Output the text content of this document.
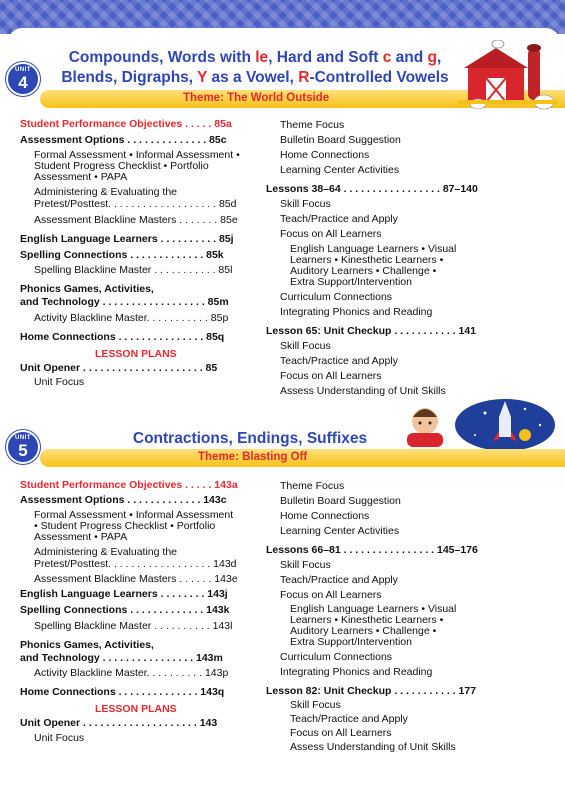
UNIT
4
Compounds, Words with le, Hard and Soft c and g,
Blends, Digraphs, Y as a Vowel, R-Controlled Vowels
Theme: The World Outside
Student Performance Objectives . . . . . 85a
Assessment Options . . . . . . . . . . . . . . 85c
Formal Assessment • Informal Assessment •
Student Progress Checklist • Portfolio
Assessment • PAPA
Administering & Evaluating the
Pretest/Posttest. . . . . . . . . . . . . . . . . . . 85d
Assessment Blackline Masters . . . . . . . 85e
English Language Learners . . . . . . . . . . 85j
Spelling Connections . . . . . . . . . . . . . 85k
Spelling Blackline Master . . . . . . . . . . . 85l
Phonics Games, Activities,
and Technology . . . . . . . . . . . . . . . . . . 85m
Activity Blackline Master. . . . . . . . . . . 85p
Home Connections . . . . . . . . . . . . . . . 85q
Unit Opener . . . . . . . . . . . . . . . . . . . . . 85
Unit Focus
LESSON PLANS
Theme Focus
Bulletin Board Suggestion
Home Connections
Learning Center Activities
Lessons 38–64 . . . . . . . . . . . . . . . . . 87–140
Skill Focus
Teach/Practice and Apply
Focus on All Learners
English Language Learners • Visual
Learners • Kinesthetic Learners •
Auditory Learners • Challenge •
Extra Support/Intervention
Curriculum Connections
Integrating Phonics and Reading
Lesson 65: Unit Checkup . . . . . . . . . . . 141
Skill Focus
Teach/Practice and Apply
Focus on All Learners
Assess Understanding of Unit Skills
UNIT
5
Contractions, Endings, Suffixes
Theme: Blasting Off
Student Performance Objectives . . . . . 143a
Assessment Options . . . . . . . . . . . . . 143c
Formal Assessment • Informal Assessment
• Student Progress Checklist • Portfolio
Assessment • PAPA
Administering & Evaluating the
Pretest/Posttest. . . . . . . . . . . . . . . . . . 143d
Assessment Blackline Masters . . . . . . 143e
English Language Learners . . . . . . . . 143j
Spelling Connections . . . . . . . . . . . . . 143k
Spelling Blackline Master . . . . . . . . . . 143l
Phonics Games, Activities,
and Technology . . . . . . . . . . . . . . . . 143m
Activity Blackline Master. . . . . . . . . . 143p
Home Connections . . . . . . . . . . . . . . 143q
Unit Opener . . . . . . . . . . . . . . . . . . . . 143
Unit Focus
LESSON PLANS
Theme Focus
Bulletin Board Suggestion
Home Connections
Learning Center Activities
Lessons 66–81 . . . . . . . . . . . . . . . . 145–176
Skill Focus
Teach/Practice and Apply
Focus on All Learners
English Language Learners • Visual
Learners • Kinesthetic Learners •
Auditory Learners • Challenge •
Extra Support/Intervention
Curriculum Connections
Integrating Phonics and Reading
Lesson 82: Unit Checkup . . . . . . . . . . . 177
Skill Focus
Teach/Practice and Apply
Focus on All Learners
Assess Understanding of Unit Skills
